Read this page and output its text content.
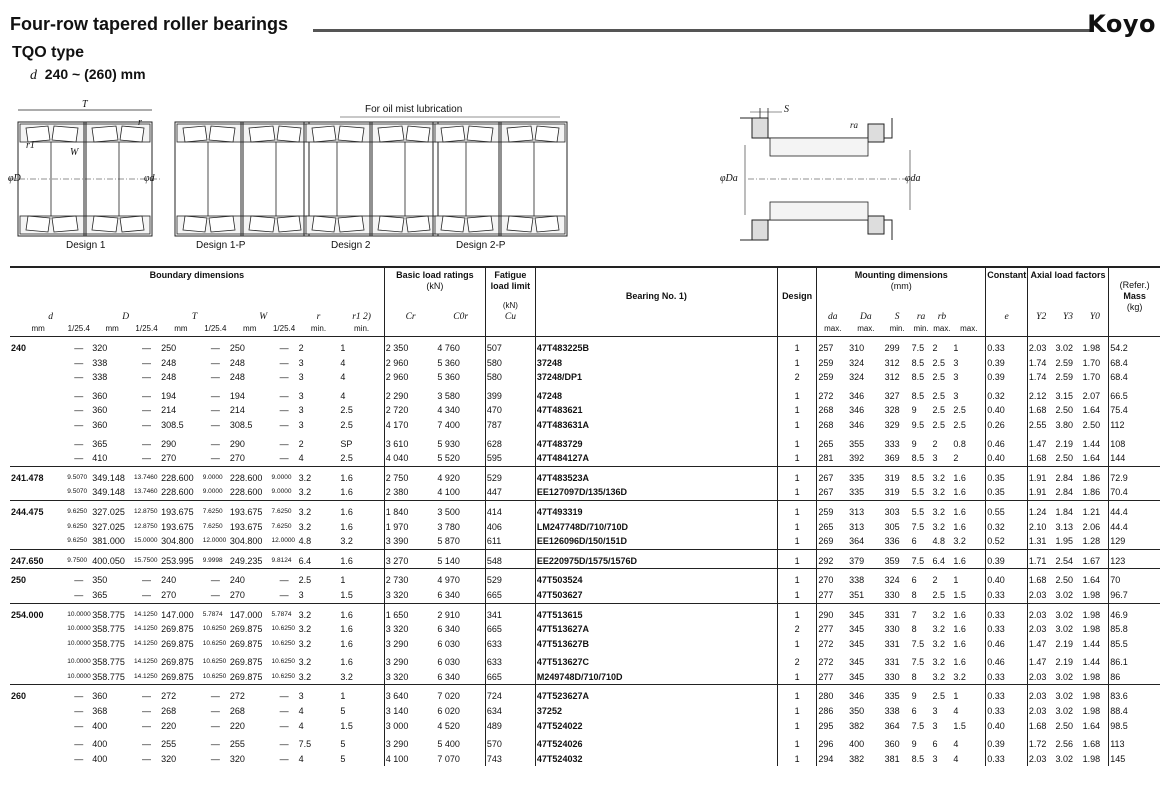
Four-row tapered roller bearings	Koyo
TQO type
d 240 ~ (260) mm
For oil mist lubrication
T
r
r1
W
φD	φd
S
ra
φDa	φda
Design 1	Design 1-P	Design 2	Design 2-P
Boundary dimensions										Basic load ratings
(kN)		Fatigue load limit	Bearing No. 1)	Design	Mounting dimensions
(mm)						Constant	Axial load factors			(Refer.)
Mass
(kg)
d		D		T		W		r	r1 2)	Cr	C0r	(kN)
Cu			da	Da	S	ra	rb		e	Y2	Y3	Y0	
mm	1/25.4	mm	1/25.4	mm	1/25.4	mm	1/25.4	min.	min.						max.	max.	min.	min.	max.	max.					
240	—	320	—	250	—	250	—	2	1	2 350	4 760	507	47T483225B	1	257	310	299	7.5	2	1	0.33	2.03	3.02	1.98	54.2
	—	338	—	248	—	248	—	3	4	2 960	5 360	580	37248	1	259	324	312	8.5	2.5	3	0.39	1.74	2.59	1.70	68.4
	—	338	—	248	—	248	—	3	4	2 960	5 360	580	37248/DP1	2	259	324	312	8.5	2.5	3	0.39	1.74	2.59	1.70	68.4
	—	360	—	194	—	194	—	3	4	2 290	3 580	399	47248	1	272	346	327	8.5	2.5	3	0.32	2.12	3.15	2.07	66.5
	—	360	—	214	—	214	—	3	2.5	2 720	4 340	470	47T483621	1	268	346	328	9	2.5	2.5	0.40	1.68	2.50	1.64	75.4
	—	360	—	308.5	—	308.5	—	3	2.5	4 170	7 400	787	47T483631A	1	268	346	329	9.5	2.5	2.5	0.26	2.55	3.80	2.50	112
	—	365	—	290	—	290	—	2	SP	3 610	5 930	628	47T483729	1	265	355	333	9	2	0.8	0.46	1.47	2.19	1.44	108
	—	410	—	270	—	270	—	4	2.5	4 040	5 520	595	47T484127A	1	281	392	369	8.5	3	2	0.40	1.68	2.50	1.64	144
241.478	9.5070	349.148	13.7460	228.600	9.0000	228.600	9.0000	3.2	1.6	2 750	4 920	529	47T483523A	1	267	335	319	8.5	3.2	1.6	0.35	1.91	2.84	1.86	72.9
	9.5070	349.148	13.7460	228.600	9.0000	228.600	9.0000	3.2	1.6	2 380	4 100	447	EE127097D/135/136D	1	267	335	319	5.5	3.2	1.6	0.35	1.91	2.84	1.86	70.4
244.475	9.6250	327.025	12.8750	193.675	7.6250	193.675	7.6250	3.2	1.6	1 840	3 500	414	47T493319	1	259	313	303	5.5	3.2	1.6	0.55	1.24	1.84	1.21	44.4
	9.6250	327.025	12.8750	193.675	7.6250	193.675	7.6250	3.2	1.6	1 970	3 780	406	LM247748D/710/710D	1	265	313	305	7.5	3.2	1.6	0.32	2.10	3.13	2.06	44.4
	9.6250	381.000	15.0000	304.800	12.0000	304.800	12.0000	4.8	3.2	3 390	5 870	611	EE126096D/150/151D	1	269	364	336	6	4.8	3.2	0.52	1.31	1.95	1.28	129
247.650	9.7500	400.050	15.7500	253.995	9.9998	249.235	9.8124	6.4	1.6	3 270	5 140	548	EE220975D/1575/1576D	1	292	379	359	7.5	6.4	1.6	0.39	1.71	2.54	1.67	123
250	—	350	—	240	—	240	—	2.5	1	2 730	4 970	529	47T503524	1	270	338	324	6	2	1	0.40	1.68	2.50	1.64	70
	—	365	—	270	—	270	—	3	1.5	3 320	6 340	665	47T503627	1	277	351	330	8	2.5	1.5	0.33	2.03	3.02	1.98	96.7
254.000	10.0000	358.775	14.1250	147.000	5.7874	147.000	5.7874	3.2	1.6	1 650	2 910	341	47T513615	1	290	345	331	7	3.2	1.6	0.33	2.03	3.02	1.98	46.9
	10.0000	358.775	14.1250	269.875	10.6250	269.875	10.6250	3.2	1.6	3 320	6 340	665	47T513627A	2	277	345	330	8	3.2	1.6	0.33	2.03	3.02	1.98	85.8
	10.0000	358.775	14.1250	269.875	10.6250	269.875	10.6250	3.2	1.6	3 290	6 030	633	47T513627B	1	272	345	331	7.5	3.2	1.6	0.46	1.47	2.19	1.44	85.5
	10.0000	358.775	14.1250	269.875	10.6250	269.875	10.6250	3.2	1.6	3 290	6 030	633	47T513627C	2	272	345	331	7.5	3.2	1.6	0.46	1.47	2.19	1.44	86.1
	10.0000	358.775	14.1250	269.875	10.6250	269.875	10.6250	3.2	3.2	3 320	6 340	665	M249748D/710/710D	1	277	345	330	8	3.2	3.2	0.33	2.03	3.02	1.98	86
260	—	360	—	272	—	272	—	3	1	3 640	7 020	724	47T523627A	1	280	346	335	9	2.5	1	0.33	2.03	3.02	1.98	83.6
	—	368	—	268	—	268	—	4	5	3 140	6 020	634	37252	1	286	350	338	6	3	4	0.33	2.03	3.02	1.98	88.4
	—	400	—	220	—	220	—	4	1.5	3 000	4 520	489	47T524022	1	295	382	364	7.5	3	1.5	0.40	1.68	2.50	1.64	98.5
	—	400	—	255	—	255	—	7.5	5	3 290	5 400	570	47T524026	1	296	400	360	9	6	4	0.39	1.72	2.56	1.68	113
	—	400	—	320	—	320	—	4	5	4 100	7 070	743	47T524032	1	294	382	381	8.5	3	4	0.33	2.03	3.02	1.98	145
